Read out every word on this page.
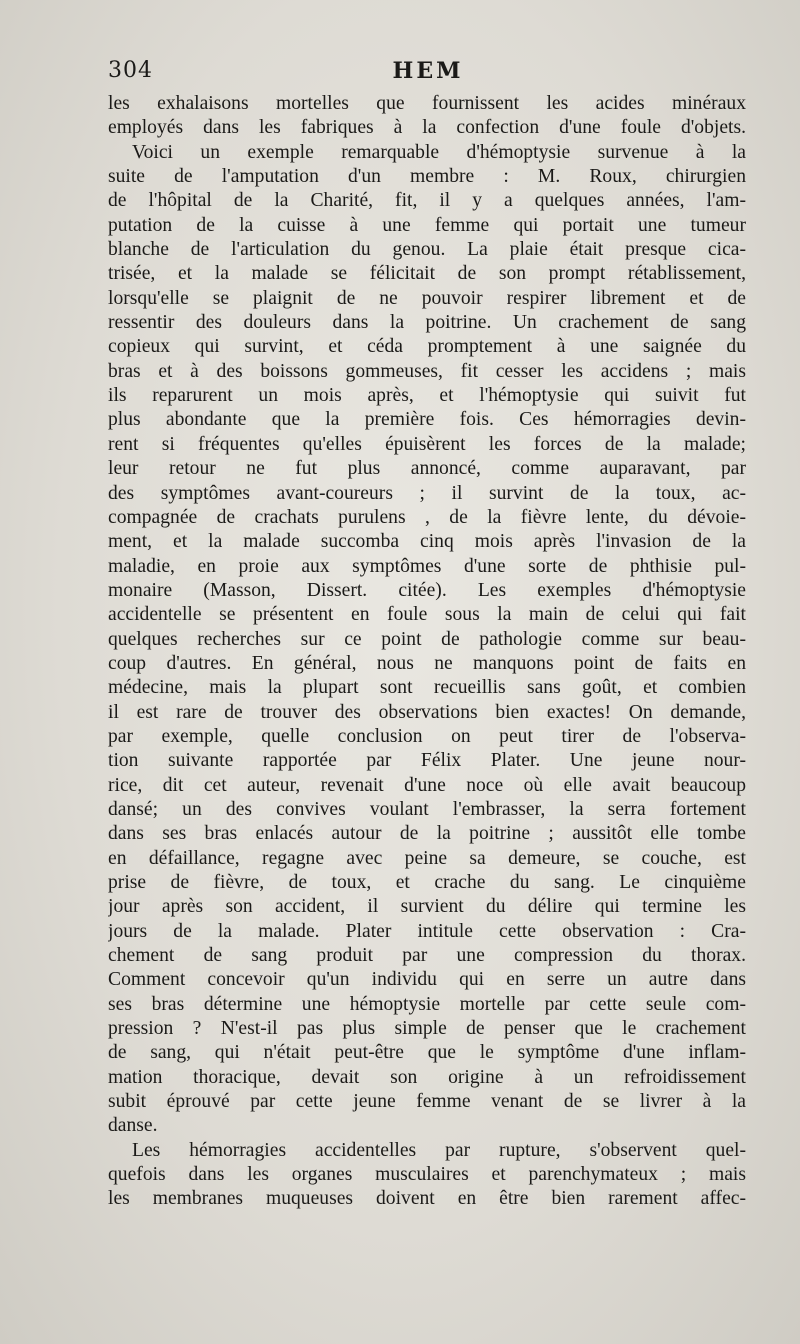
304	HEM
les exhalaisons mortelles que fournissent les acides minéraux
employés dans les fabriques à la confection d'une foule d'objets.
Voici un exemple remarquable d'hémoptysie survenue à la
suite de l'amputation d'un membre : M. Roux, chirurgien
de l'hôpital de la Charité, fit, il y a quelques années, l'am-
putation de la cuisse à une femme qui portait une tumeur
blanche de l'articulation du genou. La plaie était presque cica-
trisée, et la malade se félicitait de son prompt rétablissement,
lorsqu'elle se plaignit de ne pouvoir respirer librement et de
ressentir des douleurs dans la poitrine. Un crachement de sang
copieux qui survint, et céda promptement à une saignée du
bras et à des boissons gommeuses, fit cesser les accidens ; mais
ils reparurent un mois après, et l'hémoptysie qui suivit fut
plus abondante que la première fois. Ces hémorragies devin-
rent si fréquentes qu'elles épuisèrent les forces de la malade;
leur retour ne fut plus annoncé, comme auparavant, par
des symptômes avant-coureurs ; il survint de la toux, ac-
compagnée de crachats purulens , de la fièvre lente, du dévoie-
ment, et la malade succomba cinq mois après l'invasion de la
maladie, en proie aux symptômes d'une sorte de phthisie pul-
monaire (Masson, Dissert. citée). Les exemples d'hémoptysie
accidentelle se présentent en foule sous la main de celui qui fait
quelques recherches sur ce point de pathologie comme sur beau-
coup d'autres. En général, nous ne manquons point de faits en
médecine, mais la plupart sont recueillis sans goût, et combien
il est rare de trouver des observations bien exactes! On demande,
par exemple, quelle conclusion on peut tirer de l'observa-
tion suivante rapportée par Félix Plater. Une jeune nour-
rice, dit cet auteur, revenait d'une noce où elle avait beaucoup
dansé; un des convives voulant l'embrasser, la serra fortement
dans ses bras enlacés autour de la poitrine ; aussitôt elle tombe
en défaillance, regagne avec peine sa demeure, se couche, est
prise de fièvre, de toux, et crache du sang. Le cinquième
jour après son accident, il survient du délire qui termine les
jours de la malade. Plater intitule cette observation : Cra-
chement de sang produit par une compression du thorax.
Comment concevoir qu'un individu qui en serre un autre dans
ses bras détermine une hémoptysie mortelle par cette seule com-
pression ? N'est-il pas plus simple de penser que le crachement
de sang, qui n'était peut-être que le symptôme d'une inflam-
mation thoracique, devait son origine à un refroidissement
subit éprouvé par cette jeune femme venant de se livrer à la
danse.
Les hémorragies accidentelles par rupture, s'observent quel-
quefois dans les organes musculaires et parenchymateux ; mais
les membranes muqueuses doivent en être bien rarement affec-
